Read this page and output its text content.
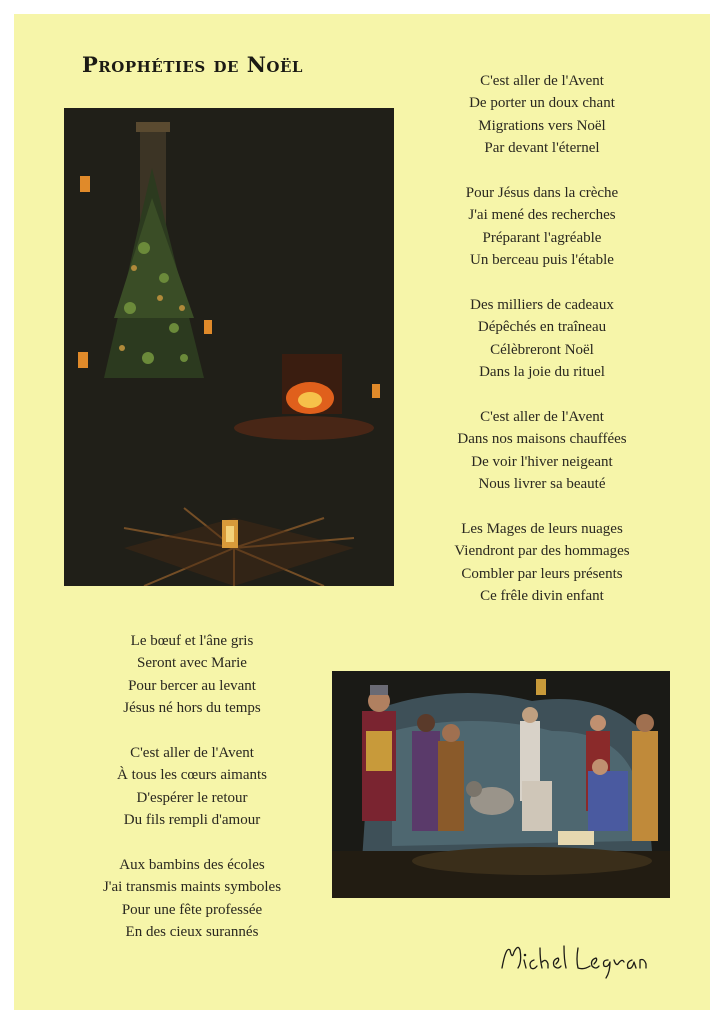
Prophéties de Noël
C'est aller de l'Avent
De porter un doux chant
Migrations vers Noël
Par devant l'éternel
Pour Jésus dans la crèche
J'ai mené des recherches
Préparant l'agréable
Un berceau puis l'étable
Des milliers de cadeaux
Dépêchés en traîneau
Célèbreront Noël
Dans la joie du rituel
C'est aller de l'Avent
Dans nos maisons chauffées
De voir l'hiver neigeant
Nous livrer sa beauté
Les Mages de leurs nuages
Viendront par des hommages
Combler par leurs présents
Ce frêle divin enfant
Le bœuf et l'âne gris
Seront avec Marie
Pour bercer au levant
Jésus né hors du temps
C'est aller de l'Avent
À tous les cœurs aimants
D'espérer le retour
Du fils rempli d'amour
Aux bambins des écoles
J'ai transmis maints symboles
Pour une fête professée
En des cieux surannés
